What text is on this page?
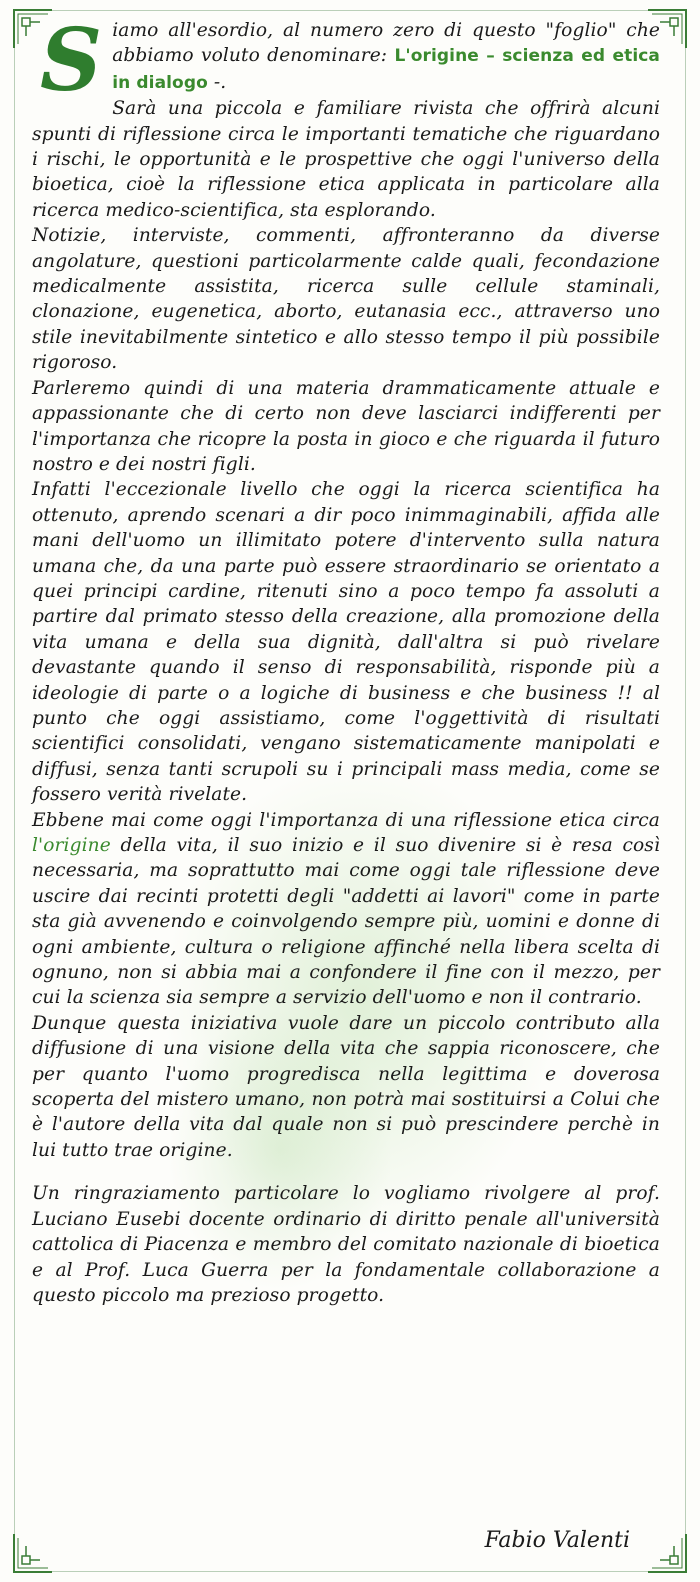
Siamo all'esordio, al numero zero di questo "foglio" che abbiamo voluto denominare: L'origine – scienza ed etica in dialogo -.

Sarà una piccola e familiare rivista che offrirà alcuni spunti di riflessione circa le importanti tematiche che riguardano i rischi, le opportunità e le prospettive che oggi l'universo della bioetica, cioè la riflessione etica applicata in particolare alla ricerca medico-scientifica, sta esplorando.

Notizie, interviste, commenti, affronteranno da diverse angolature, questioni particolarmente calde quali, fecondazione medicalmente assistita, ricerca sulle cellule staminali, clonazione, eugenetica, aborto, eutanasia ecc., attraverso uno stile inevitabilmente sintetico e allo stesso tempo il più possibile rigoroso.

Parleremo quindi di una materia drammaticamente attuale e appassionante che di certo non deve lasciarci indifferenti per l'importanza che ricopre la posta in gioco e che riguarda il futuro nostro e dei nostri figli.

Infatti l'eccezionale livello che oggi la ricerca scientifica ha ottenuto, aprendo scenari a dir poco inimmaginabili, affida alle mani dell'uomo un illimitato potere d'intervento sulla natura umana che, da una parte può essere straordinario se orientato a quei principi cardine, ritenuti sino a poco tempo fa assoluti a partire dal primato stesso della creazione, alla promozione della vita umana e della sua dignità, dall'altra si può rivelare devastante quando il senso di responsabilità, risponde più a ideologie di parte o a logiche di business e che business !! al punto che oggi assistiamo, come l'oggettività di risultati scientifici consolidati, vengano sistematicamente manipolati e diffusi, senza tanti scrupoli su i principali mass media, come se fossero verità rivelate.

Ebbene mai come oggi l'importanza di una riflessione etica circa l'origine della vita, il suo inizio e il suo divenire si è resa così necessaria, ma soprattutto mai come oggi tale riflessione deve uscire dai recinti protetti degli "addetti ai lavori" come in parte sta già avvenendo e coinvolgendo sempre più, uomini e donne di ogni ambiente, cultura o religione affinché nella libera scelta di ognuno, non si abbia mai a confondere il fine con il mezzo, per cui la scienza sia sempre a servizio dell'uomo e non il contrario.

Dunque questa iniziativa vuole dare un piccolo contributo alla diffusione di una visione della vita che sappia riconoscere, che per quanto l'uomo progredisca nella legittima e doverosa scoperta del mistero umano, non potrà mai sostituirsi a Colui che è l'autore della vita dal quale non si può prescindere perchè in lui tutto trae origine.

Un ringraziamento particolare lo vogliamo rivolgere al prof. Luciano Eusebi docente ordinario di diritto penale all'università cattolica di Piacenza e membro del comitato nazionale di bioetica e al Prof. Luca Guerra per la fondamentale collaborazione a questo piccolo ma prezioso progetto.

Fabio Valenti
